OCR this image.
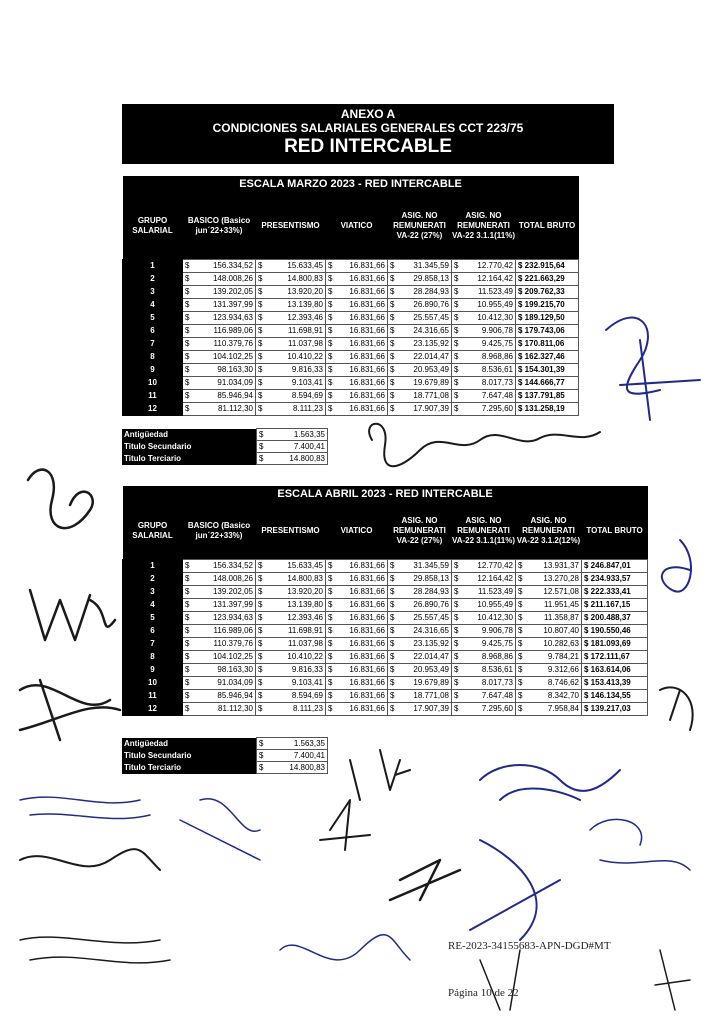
ANEXO A
CONDICIONES SALARIALES GENERALES CCT 223/75
RED INTERCABLE
ESCALA MARZO 2023 - RED INTERCABLE						
GRUPO SALARIAL	BASICO (Basico jun´22+33%)	PRESENTISMO	VIATICO	ASIG. NO REMUNERATI VA-22 (27%)	ASIG. NO REMUNERATI VA-22 3.1.1(11%)	TOTAL BRUTO
1	$ 156.334,52	$ 15.633,45	$ 16.831,66	$ 31.345,59	$ 12.770,42	$ 232.915,64
2	$ 148.008,26	$ 14.800,83	$ 16.831,66	$ 29.858,13	$ 12.164,42	$ 221.663,29
3	$ 139.202,05	$ 13.920,20	$ 16.831,66	$ 28.284,93	$ 11.523,49	$ 209.762,33
4	$ 131.397,99	$ 13.139,80	$ 16.831,66	$ 26.890,76	$ 10.955,49	$ 199.215,70
5	$ 123.934,63	$ 12.393,46	$ 16.831,66	$ 25.557,45	$ 10.412,30	$ 189.129,50
6	$ 116.989,06	$ 11.698,91	$ 16.831,66	$ 24.316,65	$ 9.906,78	$ 179.743,06
7	$ 110.379,76	$ 11.037,98	$ 16.831,66	$ 23.135,92	$ 9.425,75	$ 170.811,06
8	$ 104.102,25	$ 10.410,22	$ 16.831,66	$ 22.014,47	$ 8.968,86	$ 162.327,46
9	$ 98.163,30	$ 9.816,33	$ 16.831,66	$ 20.953,49	$ 8.536,61	$ 154.301,39
10	$ 91.034,09	$ 9.103,41	$ 16.831,66	$ 19.679,89	$ 8.017,73	$ 144.666,77
11	$ 85.946,94	$ 8.594,69	$ 16.831,66	$ 18.771,08	$ 7.647,48	$ 137.791,85
12	$ 81.112,30	$ 8.111,23	$ 16.831,66	$ 17.907,39	$ 7.295,60	$ 131.258,19
Antigüedad	$ 1.563,35

Titulo Secundario	$ 7.400,41

Titulo Terciario	$ 14.800,83
ESCALA ABRIL 2023 - RED INTERCABLE							
GRUPO SALARIAL	BASICO (Basico jun´22+33%)	PRESENTISMO	VIATICO	ASIG. NO REMUNERATI VA-22 (27%)	ASIG. NO REMUNERATI VA-22 3.1.1(11%)	ASIG. NO REMUNERATI VA-22 3.1.2(12%)	TOTAL BRUTO
1	$ 156.334,52	$ 15.633,45	$ 16.831,66	$ 31.345,59	$ 12.770,42	$ 13.931,37	$ 246.847,01
2	$ 148.008,26	$ 14.800,83	$ 16.831,66	$ 29.858,13	$ 12.164,42	$ 13.270,28	$ 234.933,57
3	$ 139.202,05	$ 13.920,20	$ 16.831,66	$ 28.284,93	$ 11.523,49	$ 12.571,08	$ 222.333,41
4	$ 131.397,99	$ 13.139,80	$ 16.831,66	$ 26.890,76	$ 10.955,49	$ 11.951,45	$ 211.167,15
5	$ 123.934,63	$ 12.393,46	$ 16.831,66	$ 25.557,45	$ 10.412,30	$ 11.358,87	$ 200.488,37
6	$ 116.989,06	$ 11.698,91	$ 16.831,66	$ 24.316,65	$ 9.906,78	$ 10.807,40	$ 190.550,46
7	$ 110.379,76	$ 11.037,98	$ 16.831,66	$ 23.135,92	$ 9.425,75	$ 10.282,63	$ 181.093,69
8	$ 104.102,25	$ 10.410,22	$ 16.831,66	$ 22.014,47	$ 8.968,86	$ 9.784,21	$ 172.111,67
9	$ 98.163,30	$ 9.816,33	$ 16.831,66	$ 20.953,49	$ 8.536,61	$ 9.312,66	$ 163.614,06
10	$ 91.034,09	$ 9.103,41	$ 16.831,66	$ 19.679,89	$ 8.017,73	$ 8.746,62	$ 153.413,39
11	$ 85.946,94	$ 8.594,69	$ 16.831,66	$ 18.771,08	$ 7.647,48	$ 8.342,70	$ 146.134,55
12	$ 81.112,30	$ 8.111,23	$ 16.831,66	$ 17.907,39	$ 7.295,60	$ 7.958,84	$ 139.217,03
Antigüedad	$ 1.563,35

Titulo Secundario	$ 7.400,41

Titulo Terciario	$ 14.800,83
RE-2023-34155683-APN-DGD#MT
Página 10 de 22
